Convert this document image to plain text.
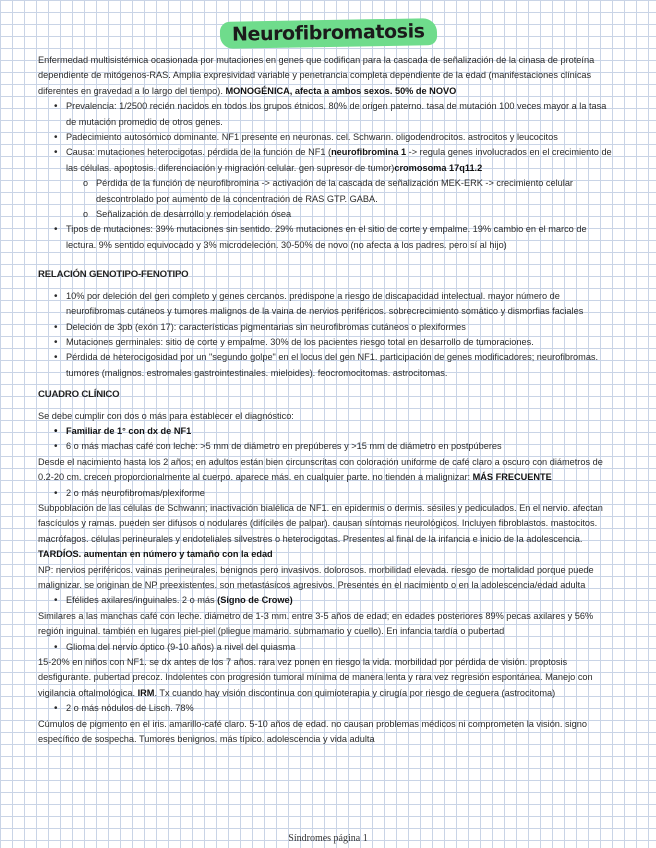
Neurofibromatosis

Enfermedad multisistémica ocasionada por mutaciones en genes que codifican para la cascada de señalización de la cinasa de proteína dependiente de mitógenos-RAS. Amplia expresividad variable y penetrancia completa dependiente de la edad (manifestaciones clínicas diferentes en gravedad a lo largo del tiempo). MONOGÉNICA, afecta a ambos sexos. 50% de NOVO

• Prevalencia: 1/2500 recién nacidos en todos los grupos étnicos. 80% de origen paterno. tasa de mutación 100 veces mayor a la tasa de mutación promedio de otros genes.

• Padecimiento autosómico dominante. NF1 presente en neuronas. cel. Schwann. oligodendrocitos. astrocitos y leucocitos

• Causa: mutaciones heterocigotas. pérdida de la función de NF1 (neurofibromina 1 -> regula genes involucrados en el crecimiento de las células. apoptosis. diferenciación y migración celular. gen supresor de tumor)cromosoma 17q11.2

o Pérdida de la función de neurofibromina -> activación de la cascada de señalización MEK-ERK -> crecimiento celular descontrolado por aumento de la concentración de RAS GTP. GABA.

o Señalización de desarrollo y remodelación ósea

• Tipos de mutaciones: 39% mutaciones sin sentido. 29% mutaciones en el sitio de corte y empalme. 19% cambio en el marco de lectura. 9% sentido equivocado y 3% microdeleción. 30-50% de novo (no afecta a los padres. pero sí al hijo)

RELACIÓN GENOTIPO-FENOTIPO

• 10% por deleción del gen completo y genes cercanos. predispone a riesgo de discapacidad intelectual. mayor número de neurofibromas cutáneos y tumores malignos de la vaina de nervios periféricos. sobrecrecimiento somático y dismorfias faciales

• Deleción de 3pb (exón 17): características pigmentarias sin neurofibromas cutáneos o plexiformes

• Mutaciones germinales: sitio de corte y empalme. 30% de los pacientes riesgo total en desarrollo de tumoraciones.

• Pérdida de heterocigosidad por un "segundo golpe" en el locus del gen NF1. participación de genes modificadores; neurofibromas. tumores (malignos. estromales gastrointestinales. mieloides). feocromocitomas. astrocitomas.

CUADRO CLÍNICO

Se debe cumplir con dos o más para establecer el diagnóstico:

• Familiar de 1° con dx de NF1

• 6 o más machas café con leche: >5 mm de diámetro en prepúberes y >15 mm de diámetro en postpúberes

Desde el nacimiento hasta los 2 años; en adultos están bien circunscritas con coloración uniforme de café claro a oscuro con diámetros de 0.2-20 cm. crecen proporcionalmente al cuerpo. aparece más. en cualquier parte. no tienden a malignizar: MÁS FRECUENTE

• 2 o más neurofibromas/plexiforme

Subpoblación de las células de Schwann; inactivación bialélica de NF1. en epidermis o dermis. sésiles y pediculados. En el nervio. afectan fascículos y ramas. pueden ser difusos o nodulares (difíciles de palpar). causan síntomas neurológicos. Incluyen fibroblastos. mastocitos. macrófagos. células perineurales y endoteliales silvestres o heterocigotas. Presentes al final de la infancia e inicio de la adolescencia. TARDÍOS. aumentan en número y tamaño con la edad

NP: nervios periféricos. vainas perineurales. benignos pero invasivos. dolorosos. morbilidad elevada. riesgo de mortalidad porque puede malignizar. se originan de NP preexistentes. son metastásicos agresivos. Presentes en el nacimiento o en la adolescencia/edad adulta

• Efélides axilares/inguinales. 2 o más (Signo de Crowe)

Similares a las manchas café con leche. diámetro de 1-3 mm. entre 3-5 años de edad; en edades posteriores 89% pecas axilares y 56% región inguinal. también en lugares piel-piel (pliegue mamario. submamario y cuello). En infancia tardía o pubertad

• Glioma del nervio óptico (9-10 años) a nivel del quiasma

15-20% en niños con NF1. se dx antes de los 7 años. rara vez ponen en riesgo la vida. morbilidad por pérdida de visión. proptosis desfigurante. pubertad precoz. Indolentes con progresión tumoral mínima de manera lenta y rara vez regresión espontánea. Manejo con vigilancia oftalmológica. IRM. Tx cuando hay visión discontinua con quimioterapia y cirugía por riesgo de ceguera (astrocitoma)

• 2 o más nódulos de Lisch. 78%

Cúmulos de pigmento en el iris. amarillo-café claro. 5-10 años de edad. no causan problemas médicos ni comprometen la visión. signo específico de sospecha. Tumores benignos. más típico. adolescencia y vida adulta

Síndromes página 1
